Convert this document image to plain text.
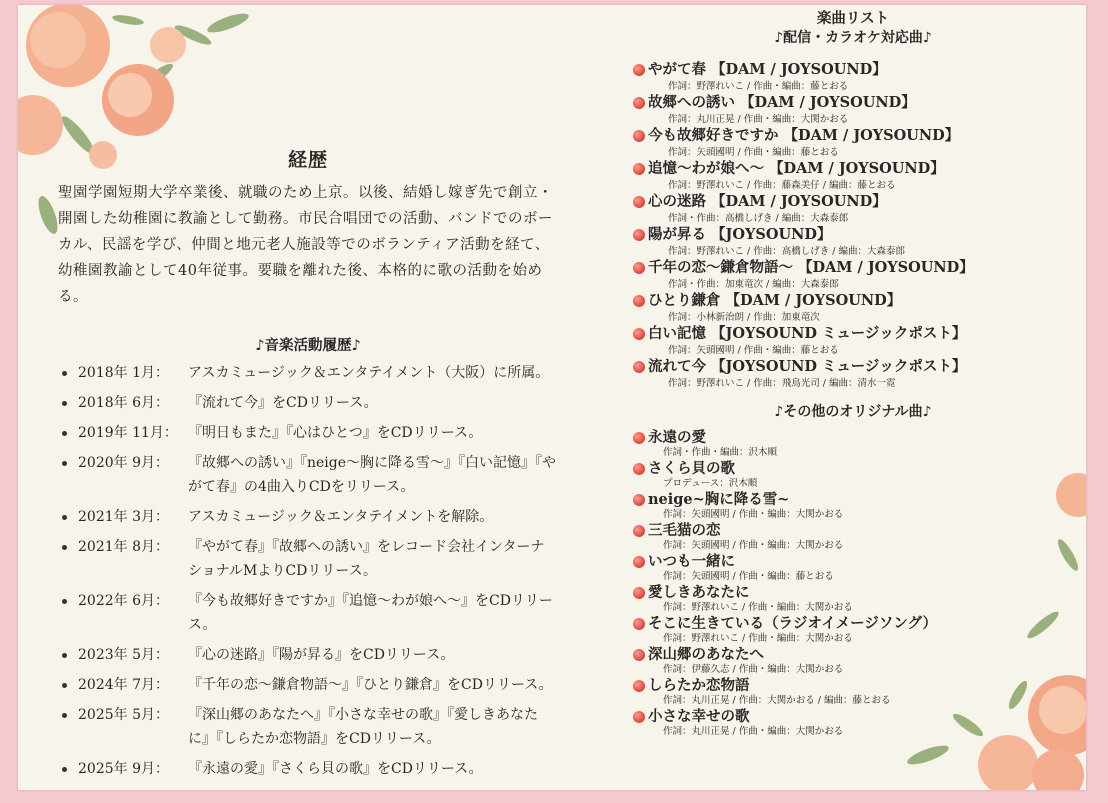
経歴

聖園学園短期大学卒業後、就職のため上京。以後、結婚し嫁ぎ先で創立・開園した幼稚園に教諭として勤務。市民合唱団での活動、バンドでのボーカル、民謡を学び、仲間と地元老人施設等でのボランティア活動を経て、幼稚園教諭として40年従事。要職を離れた後、本格的に歌の活動を始める。

♪音楽活動履歴♪
2018年 1月：	アスカミュージック＆エンタテイメント（大阪）に所属。
2018年 6月：	『流れて今』をCDリリース。
2019年 11月： 『明日もまた』『心はひとつ』をCDリリース。
2020年 9月：	『故郷への誘い』『neige～胸に降る雪～』『白い記憶』『やがて春』の4曲入りCDをリリース。
2021年 3月：	アスカミュージック＆エンタテイメントを解除。
2021年 8月：	『やがて春』『故郷への誘い』をレコード会社インターナショナルMよりCDリリース。
2022年 6月：	『今も故郷好きですか』『追憶～わが娘へ～』をCDリリース。
2023年 5月：	『心の迷路』『陽が昇る』をCDリリース。
2024年 7月：	『千年の恋～鎌倉物語～』『ひとり鎌倉』をCDリリース。
2025年 5月：	『深山郷のあなたへ』『小さな幸せの歌』『愛しきあなたに』『しらたか恋物語』をCDリリース。
2025年 9月：	『永遠の愛』『さくら貝の歌』をCDリリース。
楽曲リスト
♪配信・カラオケ対応曲♪
やがて春 【DAM / JOYSOUND】
作詞：野澤れいこ / 作曲・編曲：藤とおる
故郷への誘い 【DAM / JOYSOUND】
作詞：丸川正晃 / 作曲・編曲：大関かおる
今も故郷好きですか 【DAM / JOYSOUND】
作詞：矢頭國明 / 作曲・編曲：藤とおる
追憶～わが娘へ～ 【DAM / JOYSOUND】
作詞：野澤れいこ / 作曲：藤森美仔 / 編曲：藤とおる
心の迷路 【DAM / JOYSOUND】
作詞・作曲：高橋しげき / 編曲：大森泰郎
陽が昇る 【JOYSOUND】
作詞：野澤れいこ / 作曲：高橋しげき / 編曲：大森泰郎
千年の恋～鎌倉物語～ 【DAM / JOYSOUND】
作詞・作曲：加東竜次 / 編曲：大森泰郎
ひとり鎌倉 【DAM / JOYSOUND】
作詞：小林新治朗 / 作曲：加東竜次
白い記憶 【JOYSOUND ミュージックポスト】
作詞：矢頭國明 / 作曲・編曲：藤とおる
流れて今 【JOYSOUND ミュージックポスト】
作詞：野澤れいこ / 作曲：飛鳥光司 / 編曲：清水一霓
♪その他のオリジナル曲♪
永遠の愛
作詞・作曲・編曲：沢木順
さくら貝の歌
プロデュース：沢木順
neige~胸に降る雪~
作詞：矢頭國明 / 作曲・編曲：大関かおる
三毛猫の恋
作詞：矢頭國明 / 作曲・編曲：大関かおる
いつも一緒に
作詞：矢頭國明 / 作曲・編曲：藤とおる
愛しきあなたに
作詞：野澤れいこ / 作曲・編曲：大関かおる
そこに生きている（ラジオイメージソング）
作詞：野澤れいこ / 作曲・編曲：大関かおる
深山郷のあなたへ
作詞：伊藤久志 / 作曲・編曲：大関かおる
しらたか恋物語
作詞：丸川正晃 / 作曲：大関かおる / 編曲：藤とおる
小さな幸せの歌
作詞：丸川正晃 / 作曲・編曲：大関かおる
